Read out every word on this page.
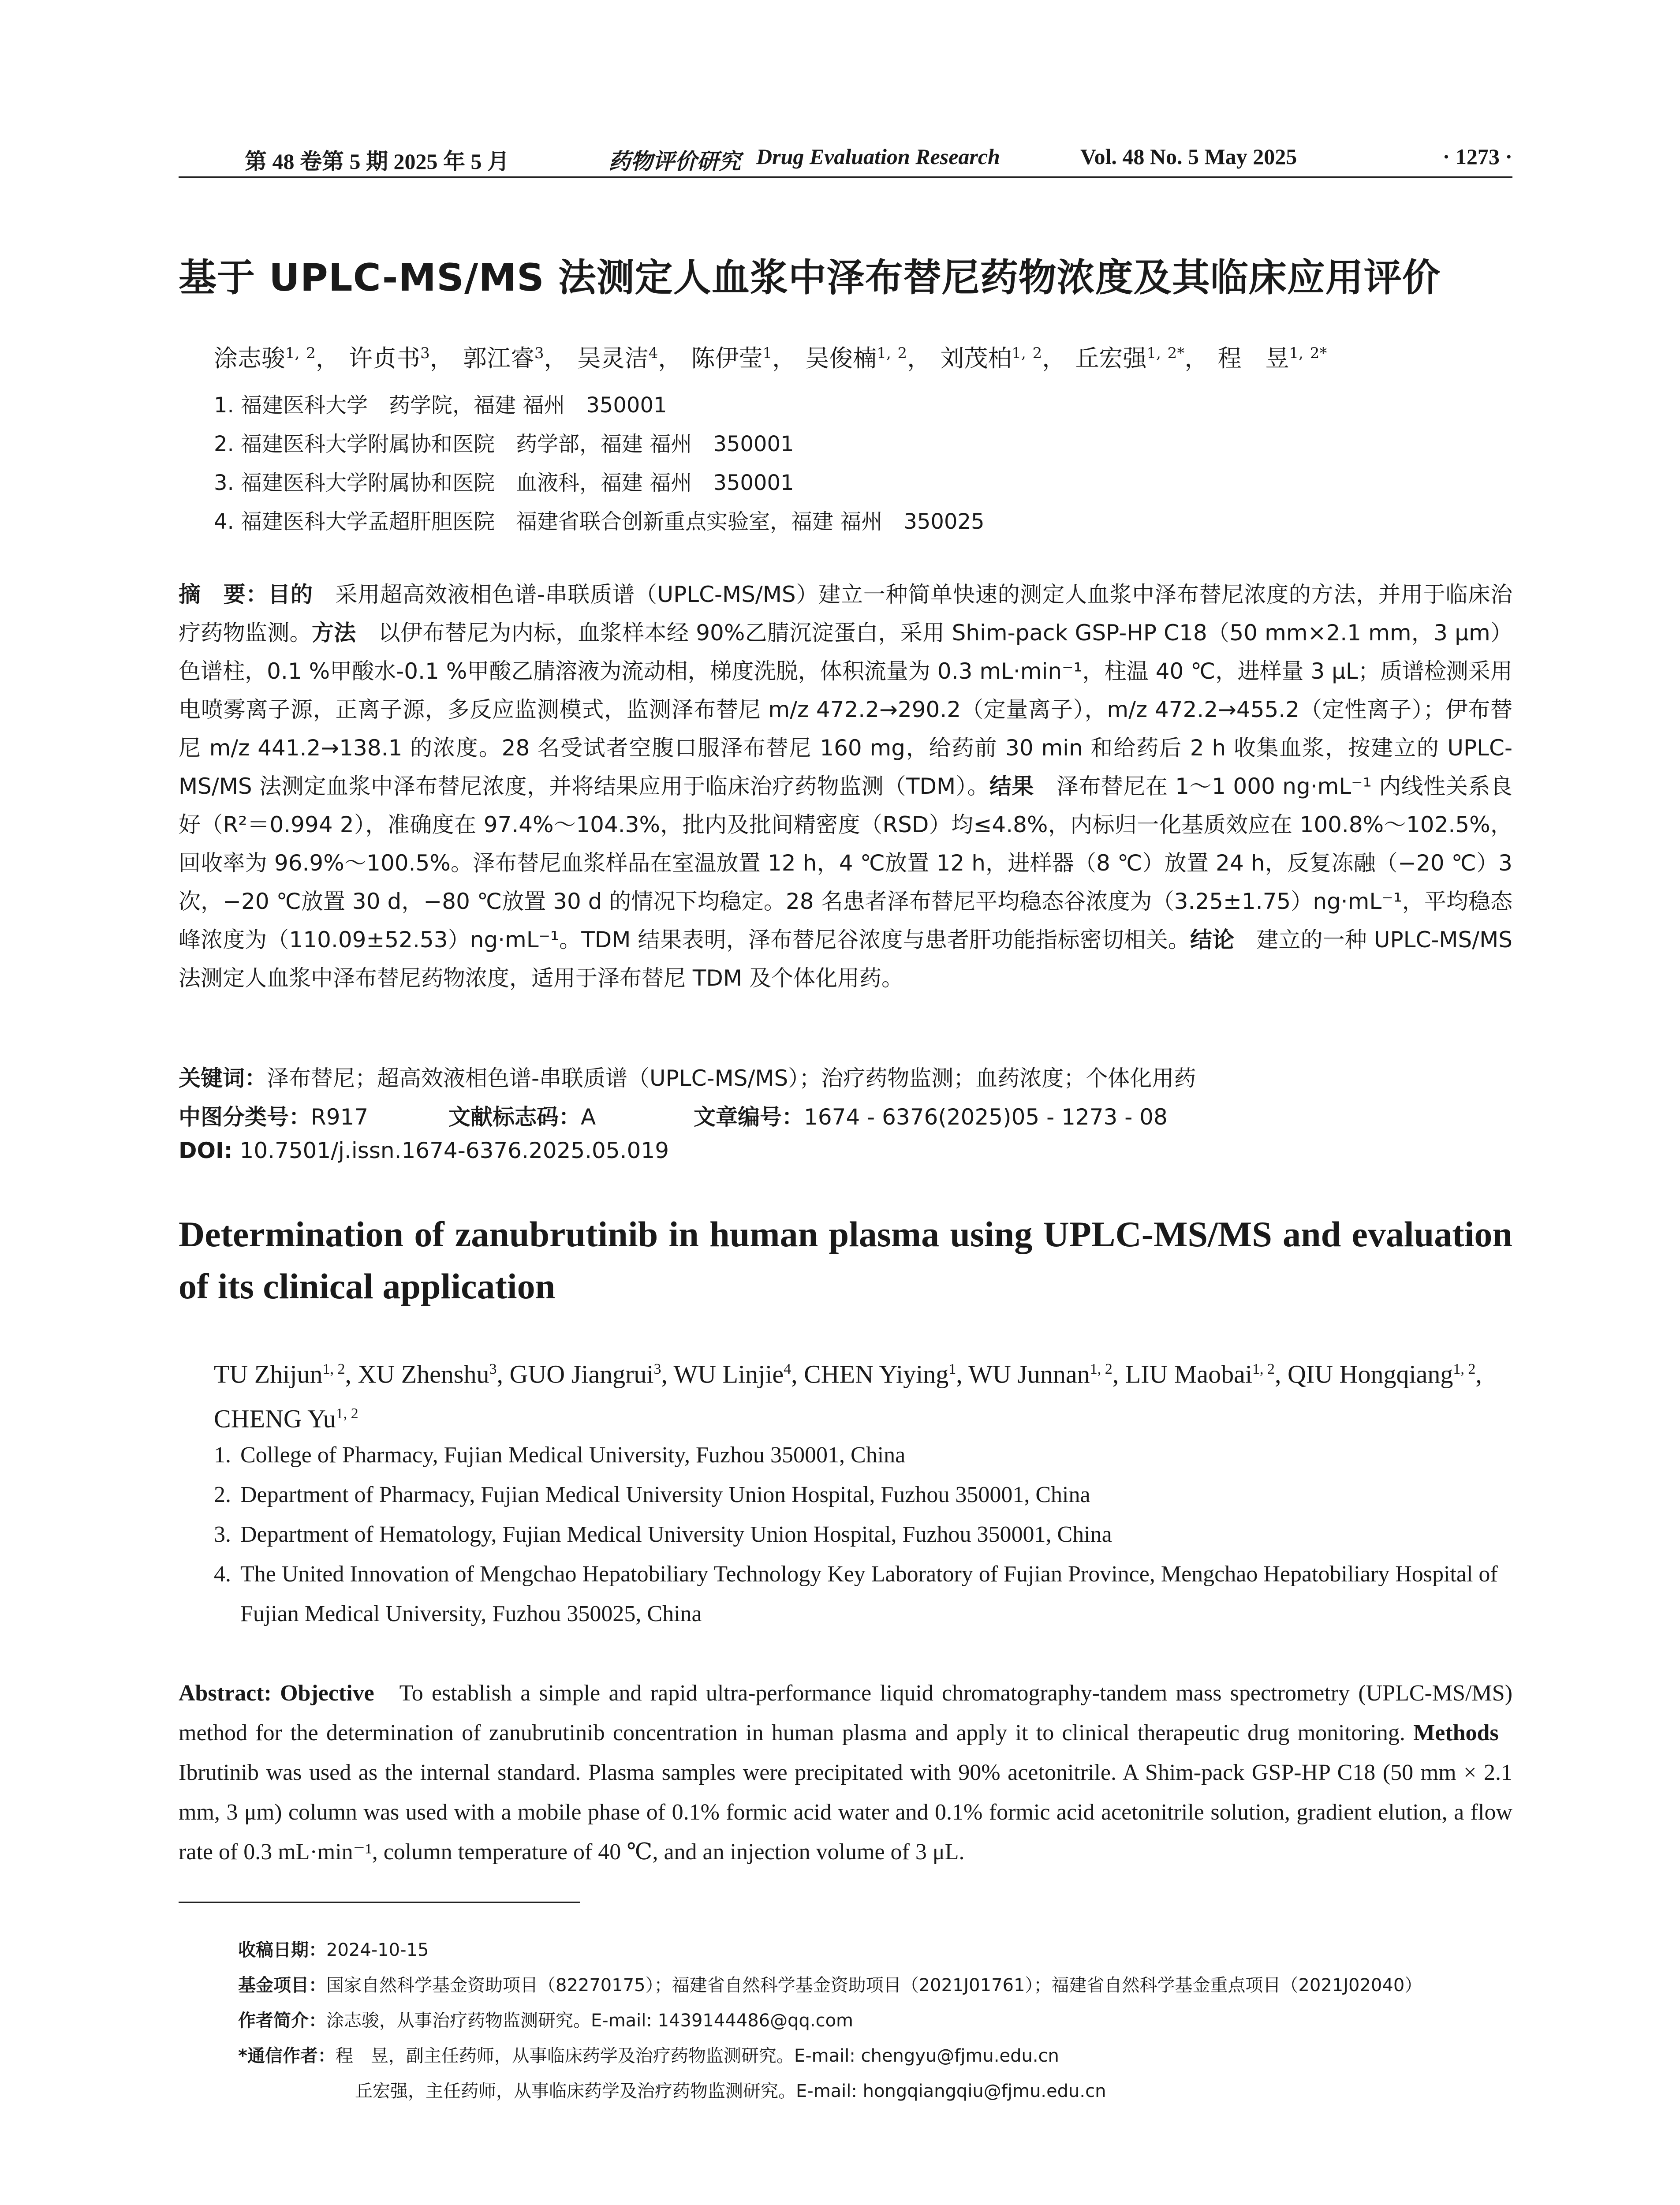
第 48 卷第 5 期 2025 年 5 月	药物评价研究 Drug Evaluation Research	Vol. 48 No. 5 May 2025	· 1273 ·
基于 UPLC-MS/MS 法测定人血浆中泽布替尼药物浓度及其临床应用评价
涂志骏$^{1, 2}$， 许贞书$^3$， 郭江睿$^3$， 吴灵洁$^4$， 陈伊莹$^1$， 吴俊楠$^{1, 2}$， 刘茂柏$^{1, 2}$， 丘宏强$^{1, 2*}$， 程　昱$^{1, 2*}$
1. 福建医科大学　药学院，福建 福州　350001
2. 福建医科大学附属协和医院　药学部，福建 福州　350001
3. 福建医科大学附属协和医院　血液科，福建 福州　350001
4. 福建医科大学孟超肝胆医院　福建省联合创新重点实验室，福建 福州　350025
摘　要：目的　 采用超高效液相色谱-串联质谱（UPLC-MS/MS）建立一种简单快速的测定人血浆中泽布替尼浓度的方法，并用于临床治疗药物监测。方法　 以伊布替尼为内标，血浆样本经 90%乙腈沉淀蛋白，采用 Shim-pack GSP-HP C18（50 mm×2.1 mm，3 μm）色谱柱，0.1 %甲酸水-0.1 %甲酸乙腈溶液为流动相，梯度洗脱，体积流量为 0.3 mL·min⁻¹，柱温 40 ℃，进样量 3 μL；质谱检测采用电喷雾离子源，正离子源，多反应监测模式，监测泽布替尼 m/z 472.2→290.2（定量离子），m/z 472.2→455.2（定性离子）；伊布替尼 m/z 441.2→138.1 的浓度。28 名受试者空腹口服泽布替尼 160 mg，给药前 30 min 和给药后 2 h 收集血浆，按建立的 UPLC-MS/MS 法测定血浆中泽布替尼浓度，并将结果应用于临床治疗药物监测（TDM）。结果　 泽布替尼在 1～1 000 ng·mL⁻¹ 内线性关系良好（R²＝0.994 2），准确度在 97.4%～104.3%，批内及批间精密度（RSD）均≤4.8%，内标归一化基质效应在 100.8%～102.5%，回收率为 96.9%～100.5%。泽布替尼血浆样品在室温放置 12 h，4 ℃放置 12 h，进样器（8 ℃）放置 24 h，反复冻融（−20 ℃）3 次，−20 ℃放置 30 d，−80 ℃放置 30 d 的情况下均稳定。28 名患者泽布替尼平均稳态谷浓度为（3.25±1.75）ng·mL⁻¹，平均稳态峰浓度为（110.09±52.53）ng·mL⁻¹。TDM 结果表明，泽布替尼谷浓度与患者肝功能指标密切相关。结论　 建立的一种 UPLC-MS/MS 法测定人血浆中泽布替尼药物浓度，适用于泽布替尼 TDM 及个体化用药。
关键词：泽布替尼；超高效液相色谱-串联质谱（UPLC-MS/MS）；治疗药物监测；血药浓度；个体化用药
中图分类号：R917	文献标志码：A	文章编号：1674 - 6376(2025)05 - 1273 - 08
DOI: 10.7501/j.issn.1674-6376.2025.05.019
Determination of zanubrutinib in human plasma using UPLC-MS/MS and evaluation of its clinical application
TU Zhijun$^{1, 2}$, XU Zhenshu$^3$, GUO Jiangrui$^3$, WU Linjie$^4$, CHEN Yiying$^1$, WU Junnan$^{1, 2}$, LIU Maobai$^{1, 2}$, QIU Hongqiang$^{1, 2}$, CHENG Yu$^{1, 2}$
1. College of Pharmacy, Fujian Medical University, Fuzhou 350001, China
2. Department of Pharmacy, Fujian Medical University Union Hospital, Fuzhou 350001, China
3. Department of Hematology, Fujian Medical University Union Hospital, Fuzhou 350001, China
4. The United Innovation of Mengchao Hepatobiliary Technology Key Laboratory of Fujian Province, Mengchao Hepatobiliary Hospital of Fujian Medical University, Fuzhou 350025, China
Abstract: Objective To establish a simple and rapid ultra-performance liquid chromatography-tandem mass spectrometry (UPLC-MS/MS) method for the determination of zanubrutinib concentration in human plasma and apply it to clinical therapeutic drug monitoring. Methods   Ibrutinib was used as the internal standard. Plasma samples were precipitated with 90% acetonitrile. A Shim-pack GSP-HP C18 (50 mm × 2.1 mm, 3 μm) column was used with a mobile phase of 0.1% formic acid water and 0.1% formic acid acetonitrile solution, gradient elution, a flow rate of 0.3 mL·min⁻¹, column temperature of 40 ℃, and an injection volume of 3 μL.
收稿日期：2024-10-15
基金项目：国家自然科学基金资助项目（82270175）；福建省自然科学基金资助项目（2021J01761）；福建省自然科学基金重点项目（2021J02040）
作者简介：涂志骏，从事治疗药物监测研究。E-mail: 1439144486@qq.com
*通信作者：程　昱，副主任药师，从事临床药学及治疗药物监测研究。E-mail: chengyu@fjmu.edu.cn
丘宏强，主任药师，从事临床药学及治疗药物监测研究。E-mail: hongqiangqiu@fjmu.edu.cn
